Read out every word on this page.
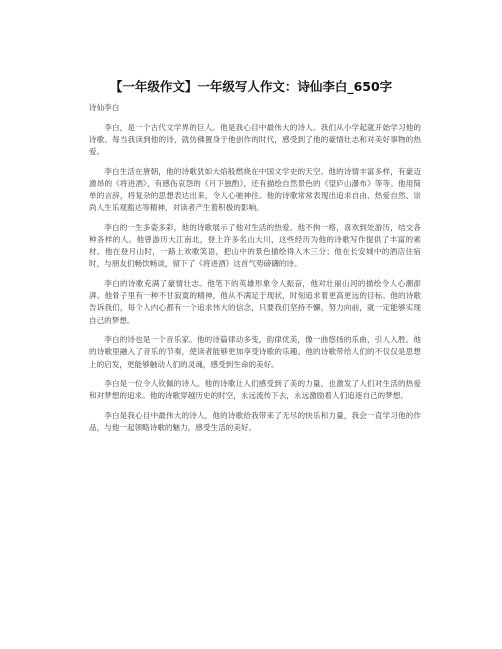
【一年级作文】一年级写人作文：诗仙李白_650字

诗仙李白

李白，是一个古代文学界的巨人。他是我心目中最伟大的诗人。我们从小学起就开始学习他的诗歌。每当我读到他的诗，就仿佛置身于他创作的时代，感受到了他的豪情壮志和对美好事物的热爱。

李白生活在唐朝，他的诗歌犹如大焰般燃烧在中国文学史的天空。他的诗情丰富多样，有豪迈激昂的《将进酒》，有感伤哀怨的《月下独酌》，还有描绘自然景色的《望庐山瀑布》等等。他用简单的言辞，将复杂的思想表达出来，令人心驰神往。他的诗歌常常表现出追求自由、热爱自然、崇尚人生乐观豁达等精神，对读者产生着积极的影响。

李白的一生多姿多彩，他的诗歌展示了他对生活的热爱。他不拘一格，喜欢到处游历，结交各种各样的人。他曾游历大江南北，登上许多名山大川，这些经历为他的诗歌写作提供了丰富的素材。他在登月山时，一路上欢歌笑语，把山中的景色描绘得入木三分；他在长安城中的酒店住宿时，与朋友们畅饮畅谈，留下了《将进酒》这首气势磅礴的诗。

李白的诗歌充满了豪情壮志。他笔下的英雄形象令人振奋，他对壮丽山河的描绘令人心潮澎湃。他骨子里有一种不甘寂寞的精神，他从不满足于现状，时刻追求着更高更远的目标。他的诗歌告诉我们，每个人内心都有一个追求伟大的信念，只要我们坚持不懈，努力向前，就一定能够实现自己的梦想。

李白的诗也是一个音乐家。他的诗篇律动多变，韵律优美，像一曲悠扬的乐曲，引人入胜。他的诗歌里融入了音乐的节奏，使读者能够更加享受诗歌的乐趣。他的诗歌带给人们的不仅仅是思想上的启发，更能够触动人们的灵魂，感受到生命的美好。

李白是一位令人钦佩的诗人。他的诗歌让人们感受到了美的力量，也激发了人们对生活的热爱和对梦想的追求。他的诗歌穿越历史的时空，永远流传下去，永远激励着人们追逐自己的梦想。

李白是我心目中最伟大的诗人，他的诗歌给我带来了无尽的快乐和力量，我会一直学习他的作品，与他一起领略诗歌的魅力，感受生活的美好。
